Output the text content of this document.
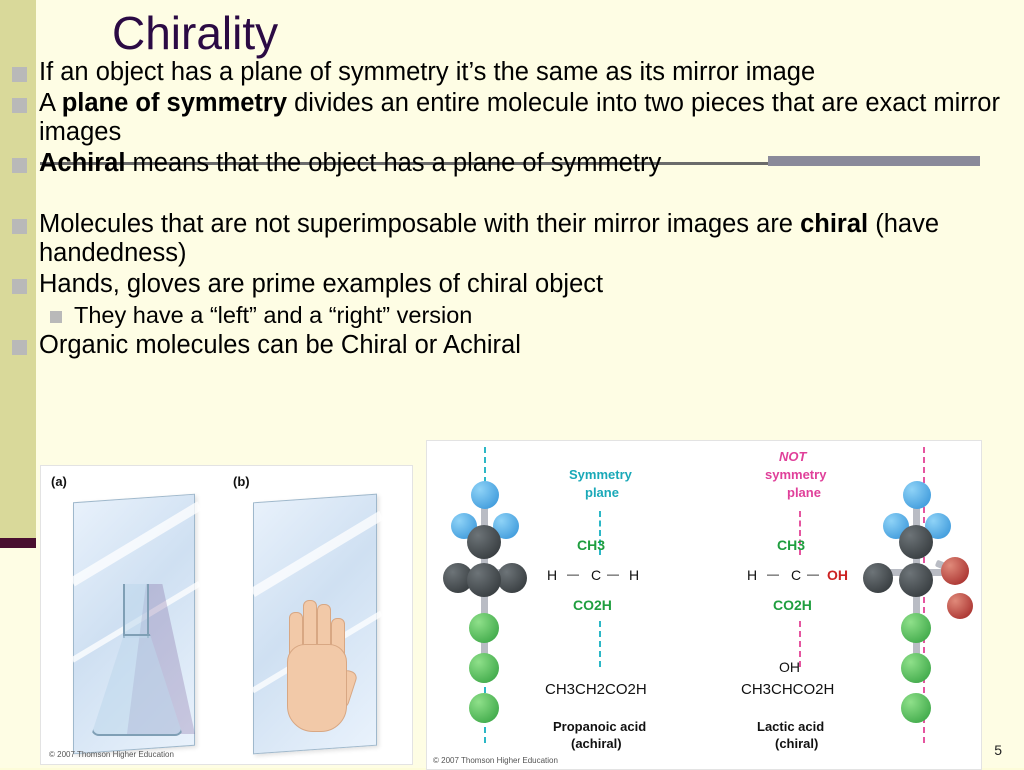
Chirality
If an object has a plane of symmetry it’s the same as its mirror image
A plane of symmetry divides an entire molecule into two pieces that are exact mirror images
Achiral means that the object has a plane of symmetry
Molecules that are not superimposable with their mirror images are chiral (have handedness)
Hands, gloves are prime examples of chiral object
They have a “left” and a “right” version
Organic molecules can be Chiral or Achiral
(a)	(b)
© 2007 Thomson Higher Education
Symmetry
plane
CH3
H — C — H
CO2H
CH3CH2CO2H
Propanoic acid
(achiral)
NOT
symmetry
plane
CH3
H — C — OH
CO2H
OH
CH3CHCO2H
Lactic acid
(chiral)
© 2007 Thomson Higher Education
5
